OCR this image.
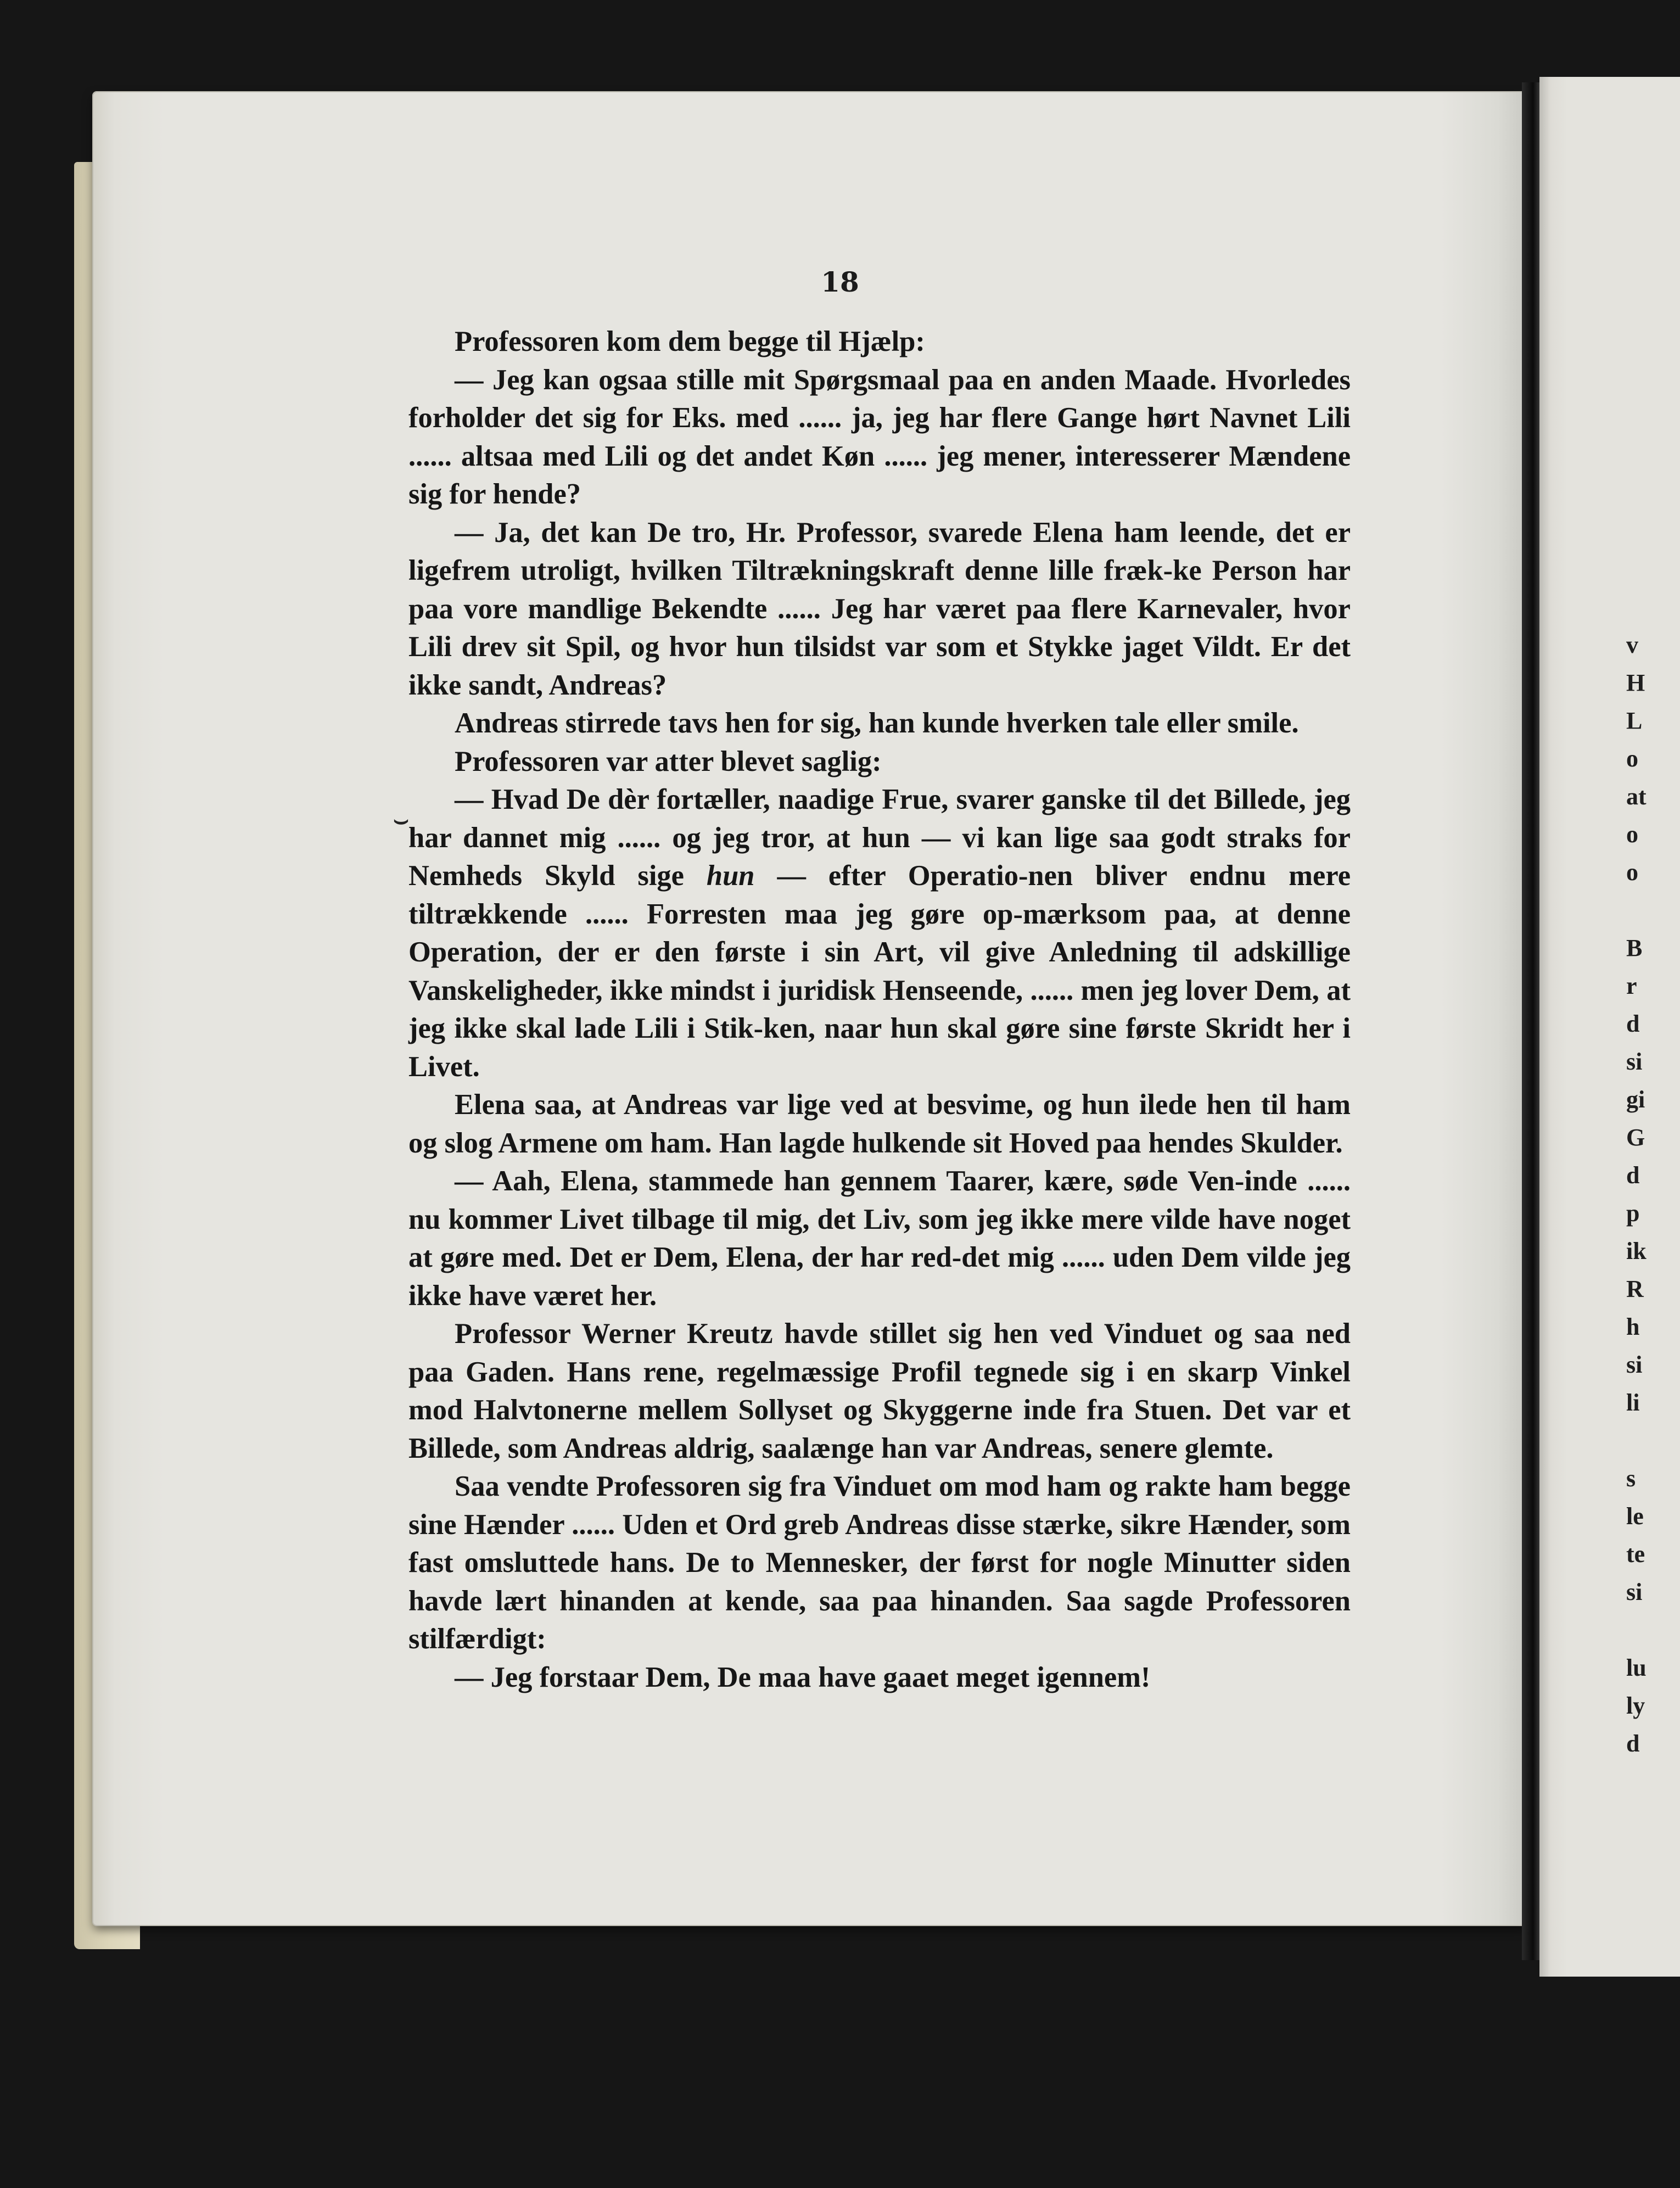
18

Professoren kom dem begge til Hjælp:

— Jeg kan ogsaa stille mit Spørgsmaal paa en anden Maade. Hvorledes forholder det sig for Eks. med ...... ja, jeg har flere Gange hørt Navnet Lili ...... altsaa med Lili og det andet Køn ...... jeg mener, interesserer Mændene sig for hende?

— Ja, det kan De tro, Hr. Professor, svarede Elena ham leende, det er ligefrem utroligt, hvilken Tiltrækningskraft denne lille fræk-ke Person har paa vore mandlige Bekendte ...... Jeg har været paa flere Karnevaler, hvor Lili drev sit Spil, og hvor hun tilsidst var som et Stykke jaget Vildt. Er det ikke sandt, Andreas?

Andreas stirrede tavs hen for sig, han kunde hverken tale eller smile.

Professoren var atter blevet saglig:

— Hvad De dèr fortæller, naadige Frue, svarer ganske til det Billede, jeg har dannet mig ...... og jeg tror, at hun — vi kan lige saa godt straks for Nemheds Skyld sige hun — efter Operatio-nen bliver endnu mere tiltrækkende ...... Forresten maa jeg gøre op-mærksom paa, at denne Operation, der er den første i sin Art, vil give Anledning til adskillige Vanskeligheder, ikke mindst i juridisk Henseende, ...... men jeg lover Dem, at jeg ikke skal lade Lili i Stik-ken, naar hun skal gøre sine første Skridt her i Livet.

Elena saa, at Andreas var lige ved at besvime, og hun ilede hen til ham og slog Armene om ham. Han lagde hulkende sit Hoved paa hendes Skulder.

— Aah, Elena, stammede han gennem Taarer, kære, søde Ven-inde ...... nu kommer Livet tilbage til mig, det Liv, som jeg ikke mere vilde have noget at gøre med. Det er Dem, Elena, der har red-det mig ...... uden Dem vilde jeg ikke have været her.

Professor Werner Kreutz havde stillet sig hen ved Vinduet og saa ned paa Gaden. Hans rene, regelmæssige Profil tegnede sig i en skarp Vinkel mod Halvtonerne mellem Sollyset og Skyggerne inde fra Stuen. Det var et Billede, som Andreas aldrig, saalænge han var Andreas, senere glemte.

Saa vendte Professoren sig fra Vinduet om mod ham og rakte ham begge sine Hænder ...... Uden et Ord greb Andreas disse stærke, sikre Hænder, som fast omsluttede hans. De to Mennesker, der først for nogle Minutter siden havde lært hinanden at kende, saa paa hinanden. Saa sagde Professoren stilfærdigt:

— Jeg forstaar Dem, De maa have gaaet meget igennem!

⌣
v
H
L
o
at
o
o
B
r
d
si
gi
G
d
p
ik
R
h
si
li
s
le
te
si
lu
ly
d
